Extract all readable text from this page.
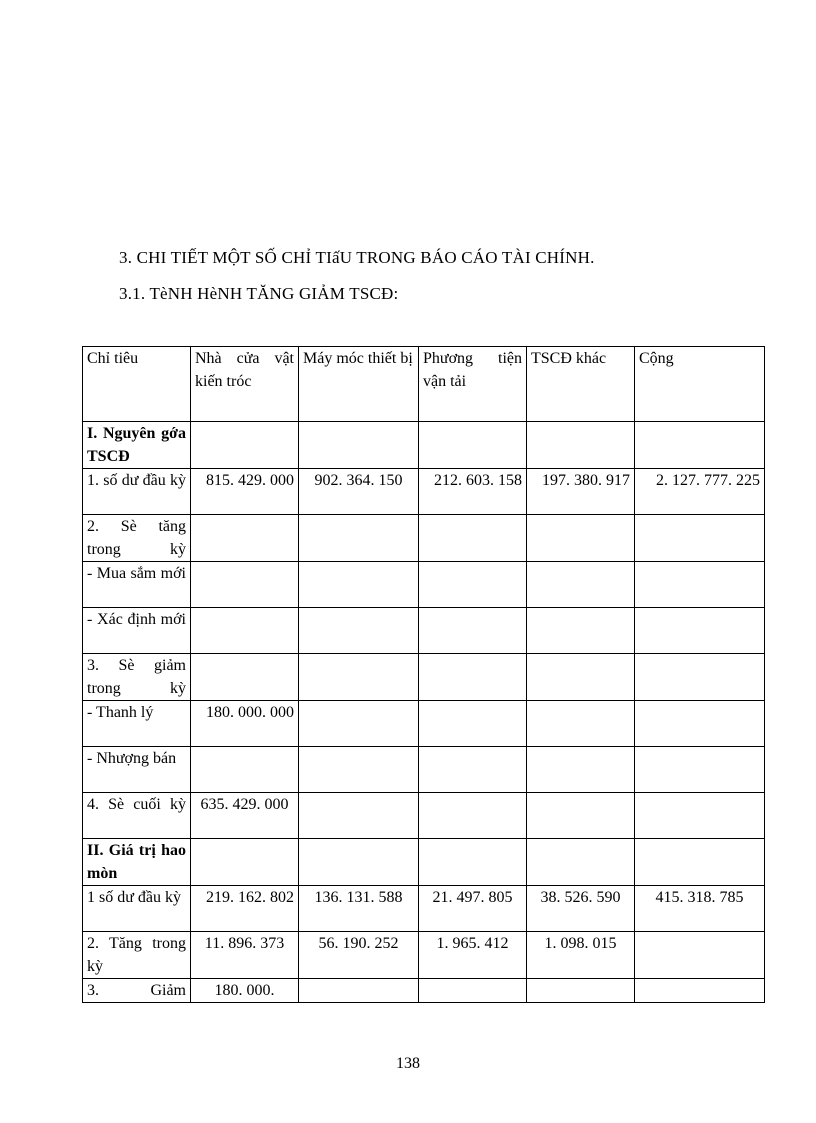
3. CHI TIẾT MỘT SỐ CHỈ TIấU TRONG BÁO CÁO TÀI CHÍNH.
3.1. TèNH HèNH TĂNG GIẢM TSCĐ:
Chỉ tiêu	Nhà cửa vật kiến tróc	Máy móc thiết bị	Phương tiện vận tải	TSCĐ khác	Cộng
I. Nguyên gớa TSCĐ					
1. số dư đầu kỳ	815. 429. 000	902. 364. 150	212. 603. 158	197. 380. 917	2. 127. 777. 225
2. Sè tăng trong kỳ					
- Mua sắm mới					
- Xác định mới					
3. Sè giảm trong kỳ					
- Thanh lý	180. 000. 000				
- Nhượng bán					
4. Sè cuối kỳ	635. 429. 000				
II. Giá trị hao mòn					
1 số dư đầu kỳ	219. 162. 802	136. 131. 588	21. 497. 805	38. 526. 590	415. 318. 785
2. Tăng trong kỳ	11. 896. 373	56. 190. 252	1. 965. 412	1. 098. 015	
3. Giảm	180. 000.				
138
